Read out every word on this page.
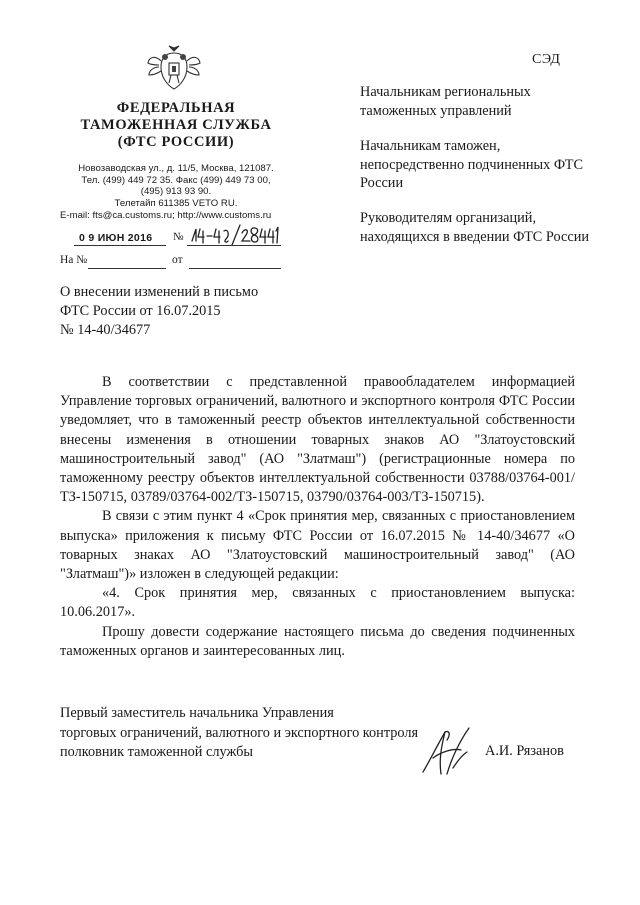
СЭД
ФЕДЕРАЛЬНАЯ
ТАМОЖЕННАЯ СЛУЖБА
(ФТС РОССИИ)
Новозаводская ул., д. 11/5, Москва, 121087.
Тел. (499) 449 72 35. Факс (499) 449 73 00,
(495) 913 93 90.
Телетайп 611385 VETO RU.
E-mail: fts@ca.customs.ru; http://www.customs.ru
0 9 ИЮН 2016 №
На №	от
Начальникам региональных таможенных управлений
Начальникам таможен, непосредственно подчиненных ФТС России
Руководителям организаций, находящихся в введении ФТС России
О внесении изменений в письмо
ФТС России от 16.07.2015
№ 14-40/34677

В соответствии с представленной правообладателем информацией Управление торговых ограничений, валютного и экспортного контроля ФТС России уведомляет, что в таможенный реестр объектов интеллектуальной собственности внесены изменения в отношении товарных знаков АО "Златоустовский машиностроительный завод" (АО "Златмаш") (регистрационные номера по таможенному реестру объектов интеллектуальной собственности 03788/03764-001/ТЗ-150715, 03789/03764-002/ТЗ-150715, 03790/03764-003/ТЗ-150715).

В связи с этим пункт 4 «Срок принятия мер, связанных с приостановлением выпуска» приложения к письму ФТС России от 16.07.2015 № 14-40/34677 «О товарных знаках АО "Златоустовский машиностроительный завод" (АО "Златмаш")» изложен в следующей редакции:

«4. Срок принятия мер, связанных с приостановлением выпуска: 10.06.2017».

Прошу довести содержание настоящего письма до сведения подчиненных таможенных органов и заинтересованных лиц.

Первый заместитель начальника Управления
торговых ограничений, валютного и экспортного контроля
полковник таможенной службы	А.И. Рязанов
